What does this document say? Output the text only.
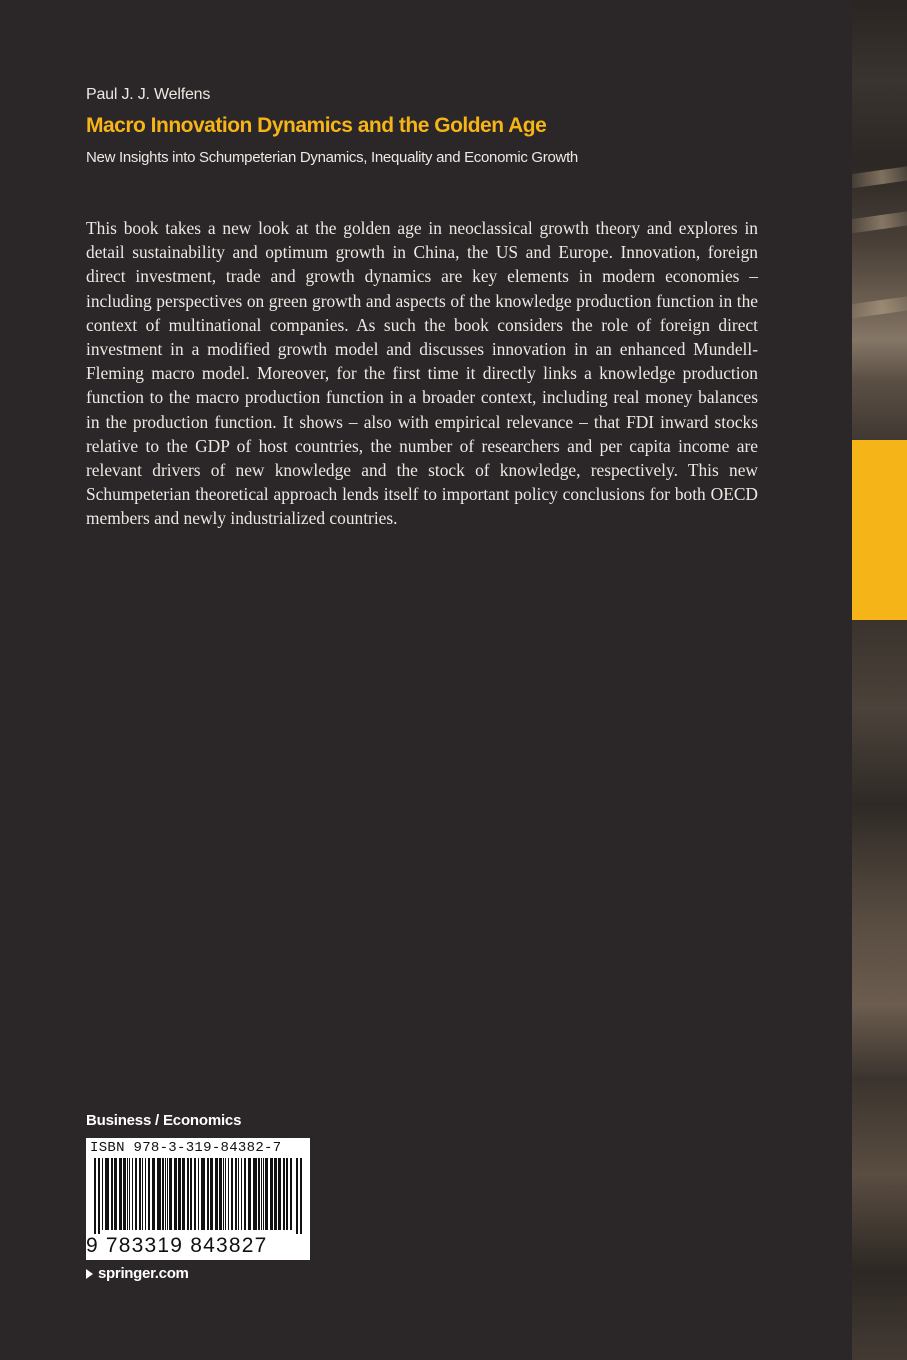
Paul J. J. Welfens
Macro Innovation Dynamics and the Golden Age
New Insights into Schumpeterian Dynamics, Inequality and Economic Growth

This book takes a new look at the golden age in neoclassical growth theory and explores in detail sustainability and optimum growth in China, the US and Europe. Innovation, foreign direct investment, trade and growth dynamics are key elements in modern economies – including perspectives on green growth and aspects of the knowledge production function in the context of multinational companies. As such the book considers the role of foreign direct investment in a modified growth model and discusses innovation in an enhanced Mundell-Fleming macro model. Moreover, for the first time it directly links a knowledge production function to the macro production function in a broader context, including real money balances in the production function. It shows – also with empirical relevance – that FDI inward stocks relative to the GDP of host countries, the number of researchers and per capita income are relevant drivers of new knowledge and the stock of knowledge, respectively. This new Schumpeterian theoretical approach lends itself to important policy conclusions for both OECD members and newly industrialized countries.

Business / Economics
ISBN 978-3-319-84382-7
9 783319 843827
springer.com
